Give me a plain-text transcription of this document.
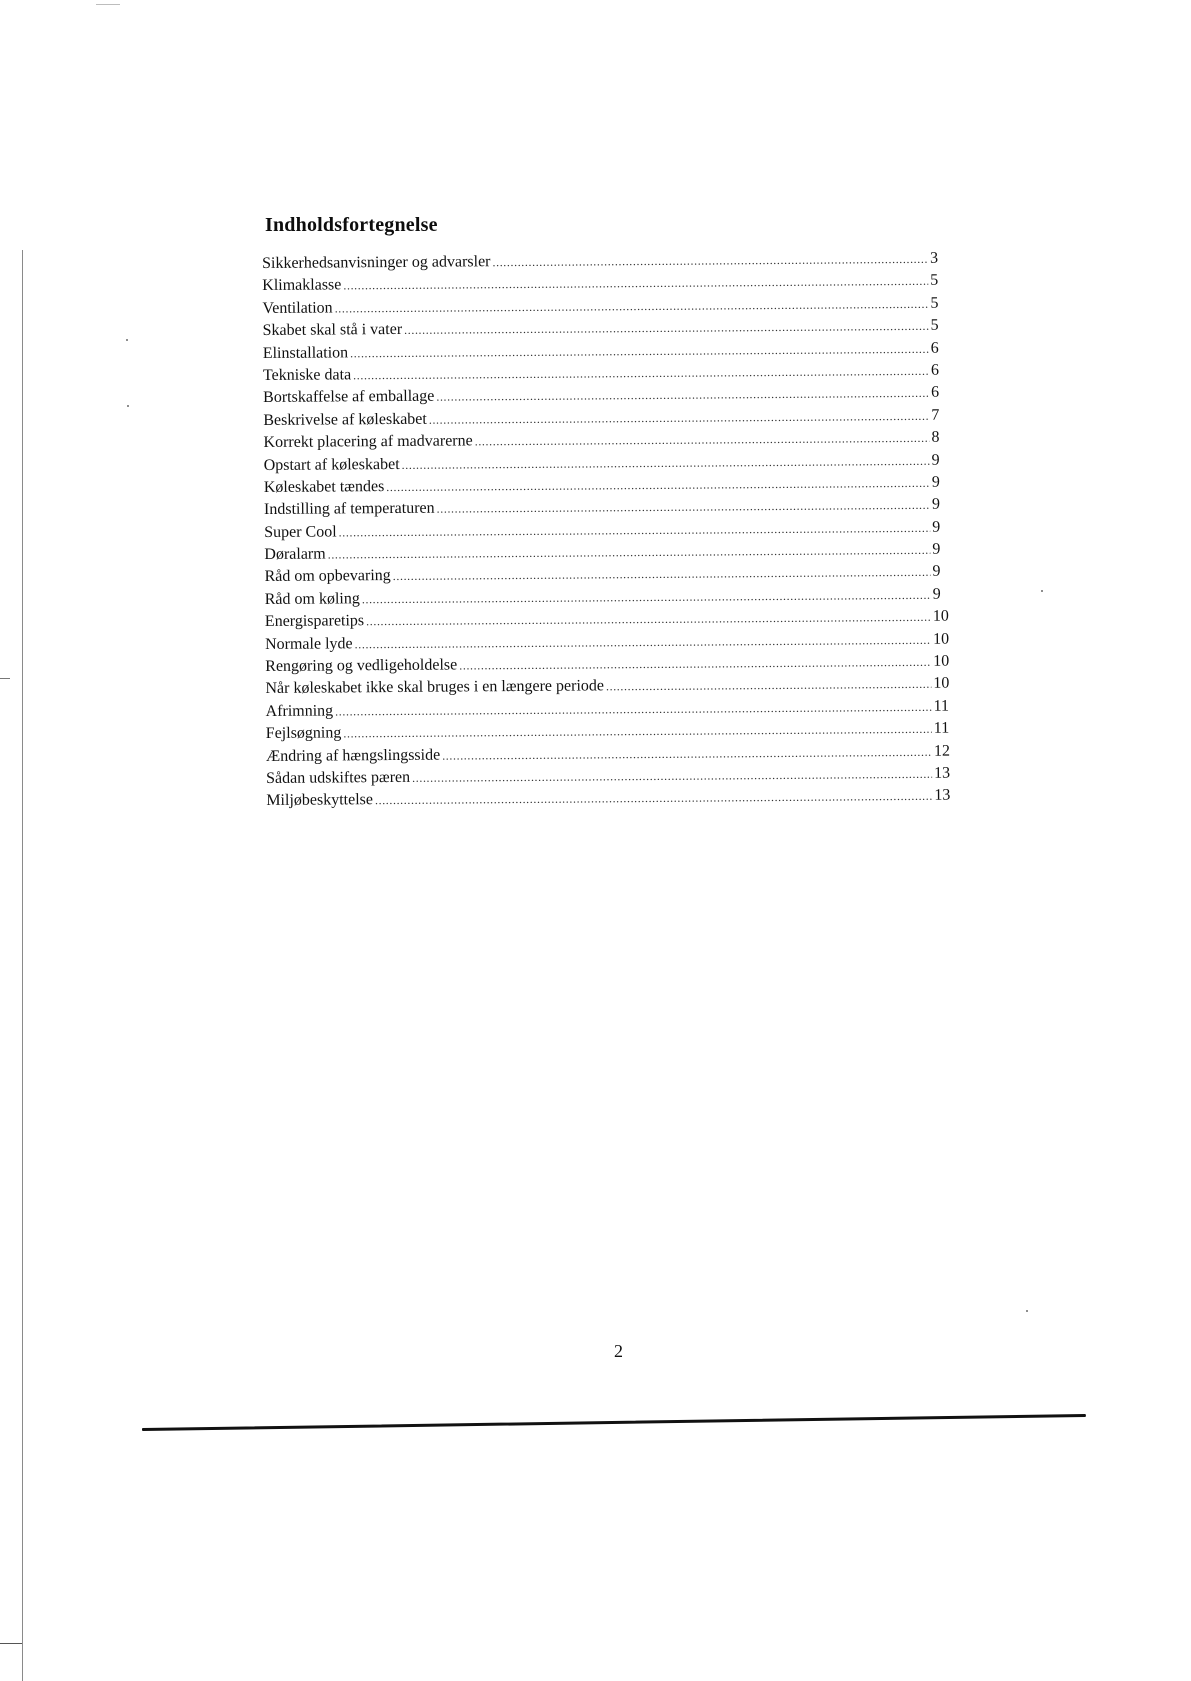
Indholdsfortegnelse
Sikkerhedsanvisninger og advarsler .....	3
Klimaklasse .....	5
Ventilation .....	5
Skabet skal stå i vater .....	5
Elinstallation .....	6
Tekniske data .....	6
Bortskaffelse af emballage .....	6
Beskrivelse af køleskabet .....	7
Korrekt placering af madvarerne .....	8
Opstart af køleskabet .....	9
Køleskabet tændes .....	9
Indstilling af temperaturen .....	9
Super Cool .....	9
Døralarm .....	9
Råd om opbevaring .....	9
Råd om køling .....	9
Energisparetips .....	10
Normale lyde .....	10
Rengøring og vedligeholdelse .....	10
Når køleskabet ikke skal bruges i en længere periode .....	10
Afrimning .....	11
Fejlsøgning .....	11
Ændring af hængslingsside .....	12
Sådan udskiftes pæren .....	13
Miljøbeskyttelse .....	13
2
